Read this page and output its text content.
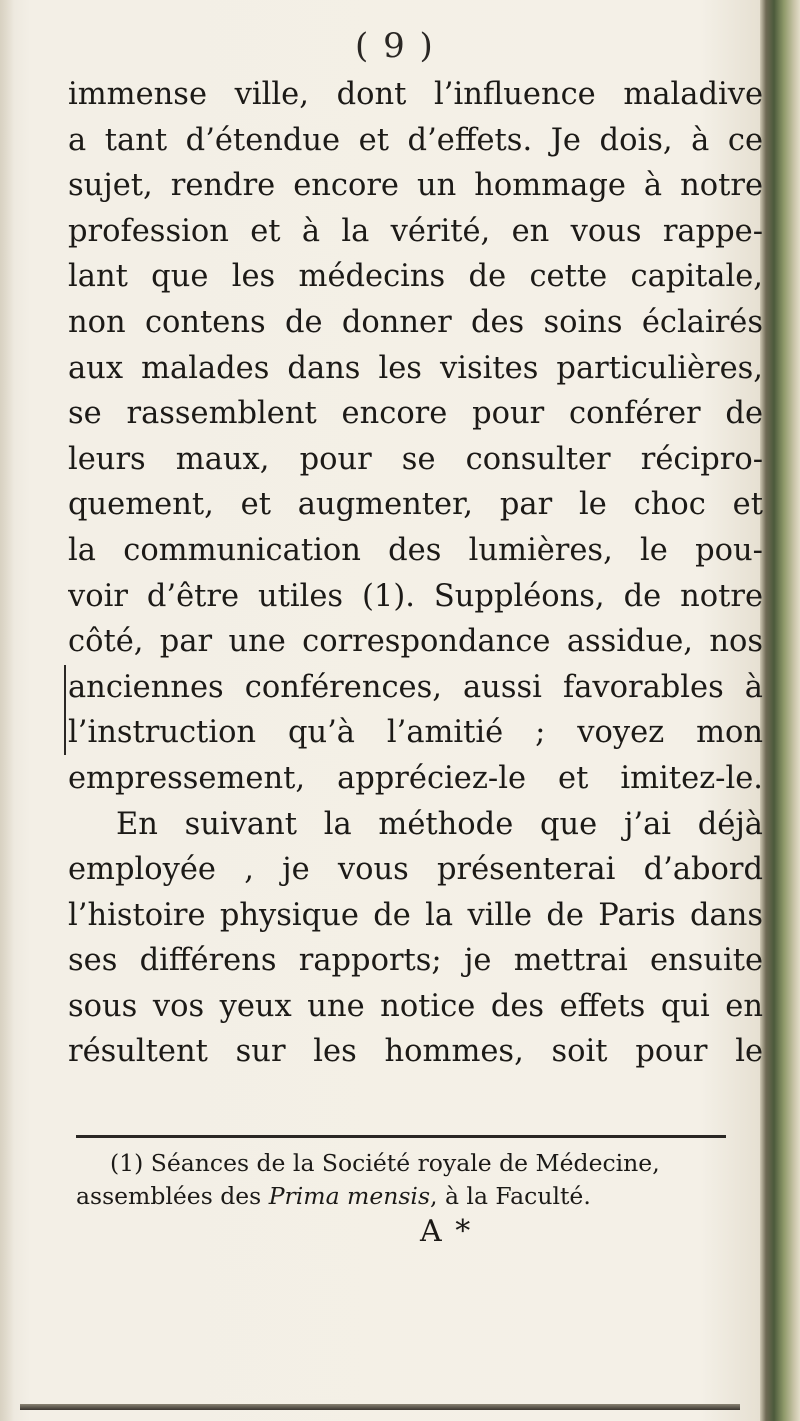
( 9 )
immense ville, dont l’influence maladive
a tant d’étendue et d’effets. Je dois, à ce
sujet, rendre encore un hommage à notre
profession et à la vérité, en vous rappe-
lant que les médecins de cette capitale,
non contens de donner des soins éclairés
aux malades dans les visites particulières,
se rassemblent encore pour conférer de
leurs maux, pour se consulter récipro-
quement, et augmenter, par le choc et
la communication des lumières, le pou-
voir d’être utiles (1). Suppléons, de notre
côté, par une correspondance assidue, nos
anciennes conférences, aussi favorables à
l’instruction qu’à l’amitié ; voyez mon
empressement, appréciez-le et imitez-le.
En suivant la méthode que j’ai déjà
employée , je vous présenterai d’abord
l’histoire physique de la ville de Paris dans
ses différens rapports; je mettrai ensuite
sous vos yeux une notice des effets qui en
résultent sur les hommes, soit pour le
(1) Séances de la Société royale de Médecine,
assemblées des Prima mensis, à la Faculté.
A *
